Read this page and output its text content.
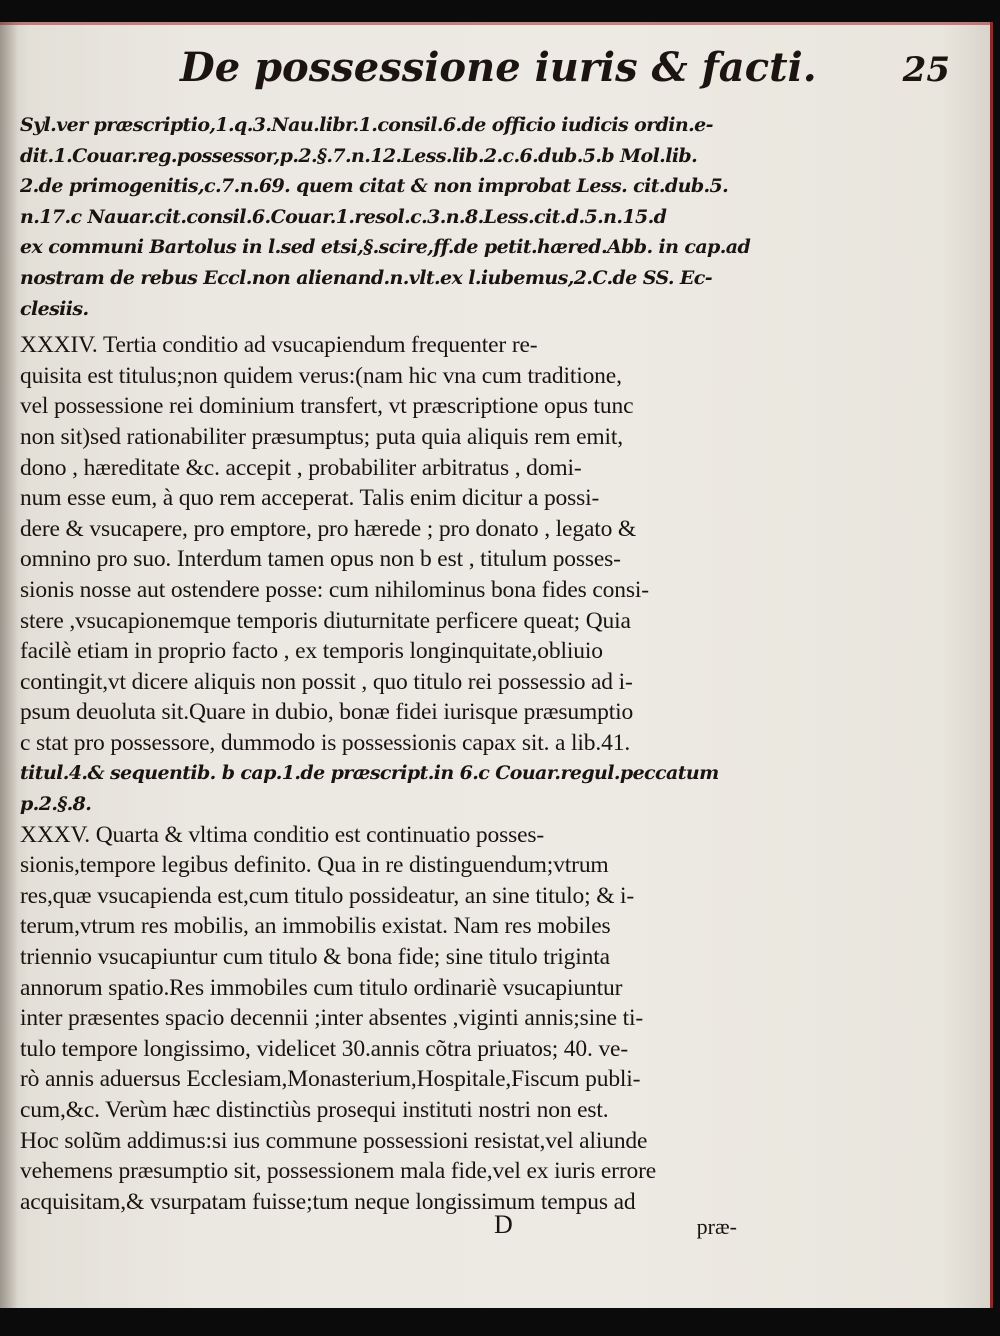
De possessione iuris & facti.	25
Syl.ver præscriptio,1.q.3.Nau.libr.1.consil.6.de officio iudicis ordin.e-
dit.1.Couar.reg.possessor,p.2.§.7.n.12.Less.lib.2.c.6.dub.5.b Mol.lib.
2.de primogenitis,c.7.n.69. quem citat & non improbat Less. cit.dub.5.
n.17.c Nauar.cit.consil.6.Couar.1.resol.c.3.n.8.Less.cit.d.5.n.15.d
ex communi Bartolus in l.sed etsi,§.scire,ff.de petit.hæred.Abb. in cap.ad
nostram de rebus Eccl.non alienand.n.vlt.ex l.iubemus,2.C.de SS. Ec-
clesiis.
XXXIV. Tertia conditio ad vsucapiendum frequenter re-
quisita est titulus;non quidem verus:(nam hic vna cum traditione,
vel possessione rei dominium transfert, vt præscriptione opus tunc
non sit)sed rationabiliter præsumptus; puta quia aliquis rem emit,
dono , hæreditate &c. accepit , probabiliter arbitratus , domi-
num esse eum, à quo rem acceperat. Talis enim dicitur a possi-
dere & vsucapere, pro emptore, pro hærede ; pro donato , legato &
omnino pro suo. Interdum tamen opus non b est , titulum posses-
sionis nosse aut ostendere posse: cum nihilominus bona fides consi-
stere ,vsucapionemque temporis diuturnitate perficere queat; Quia
facilè etiam in proprio facto , ex temporis longinquitate,obliuio
contingit,vt dicere aliquis non possit , quo titulo rei possessio ad i-
psum deuoluta sit.Quare in dubio, bonæ fidei iurisque præsumptio
c stat pro possessore, dummodo is possessionis capax sit. a lib.41.
titul.4.& sequentib. b cap.1.de præscript.in 6.c Couar.regul.peccatum
p.2.§.8.
XXXV. Quarta & vltima conditio est continuatio posses-
sionis,tempore legibus definito. Qua in re distinguendum;vtrum
res,quæ vsucapienda est,cum titulo possideatur, an sine titulo; & i-
terum,vtrum res mobilis, an immobilis existat. Nam res mobiles
triennio vsucapiuntur cum titulo & bona fide; sine titulo triginta
annorum spatio.Res immobiles cum titulo ordinariè vsucapiuntur
inter præsentes spacio decennii ;inter absentes ,viginti annis;sine ti-
tulo tempore longissimo, videlicet 30.annis cõtra priuatos; 40. ve-
rò annis aduersus Ecclesiam,Monasterium,Hospitale,Fiscum publi-
cum,&c. Verùm hæc distinctiùs prosequi instituti nostri non est.
Hoc solũm addimus:si ius commune possessioni resistat,vel aliunde
vehemens præsumptio sit, possessionem mala fide,vel ex iuris errore
acquisitam,& vsurpatam fuisse;tum neque longissimum tempus ad
D	præ-
